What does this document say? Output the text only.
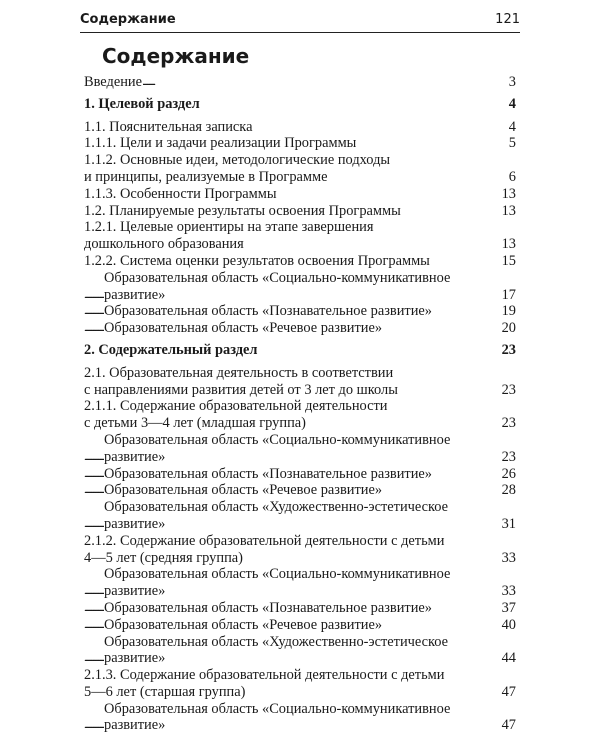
Содержание	121
Содержание
Введение . . .	3
1. Целевой раздел . . .	4
1.1. Пояснительная записка . . .	4
1.1.1. Цели и задачи реализации Программы . . .	5
1.1.2. Основные идеи, методологические подходы
и принципы, реализуемые в Программе . . .	6
1.1.3. Особенности Программы . . .	13
1.2. Планируемые результаты освоения Программы . . .	13
1.2.1. Целевые ориентиры на этапе завершения
дошкольного образования . . .	13
1.2.2. Система оценки результатов освоения Программы . . .	15
Образовательная область «Социально-коммуникативное
развитие» . . .	17
Образовательная область «Познавательное развитие» . . .	19
Образовательная область «Речевое развитие» . . .	20
2. Содержательный раздел . . .	23
2.1. Образовательная деятельность в соответствии
с направлениями развития детей от 3 лет до школы . . .	23
2.1.1. Содержание образовательной деятельности
с детьми 3—4 лет (младшая группа) . . .	23
Образовательная область «Социально-коммуникативное
развитие» . . .	23
Образовательная область «Познавательное развитие» . . .	26
Образовательная область «Речевое развитие» . . .	28
Образовательная область «Художественно-эстетическое
развитие» . . .	31
2.1.2. Содержание образовательной деятельности с детьми
4—5 лет (средняя группа) . . .	33
Образовательная область «Социально-коммуникативное
развитие» . . .	33
Образовательная область «Познавательное развитие» . . .	37
Образовательная область «Речевое развитие» . . .	40
Образовательная область «Художественно-эстетическое
развитие» . . .	44
2.1.3. Содержание образовательной деятельности с детьми
5—6 лет (старшая группа) . . .	47
Образовательная область «Социально-коммуникативное
развитие» . . .	47
